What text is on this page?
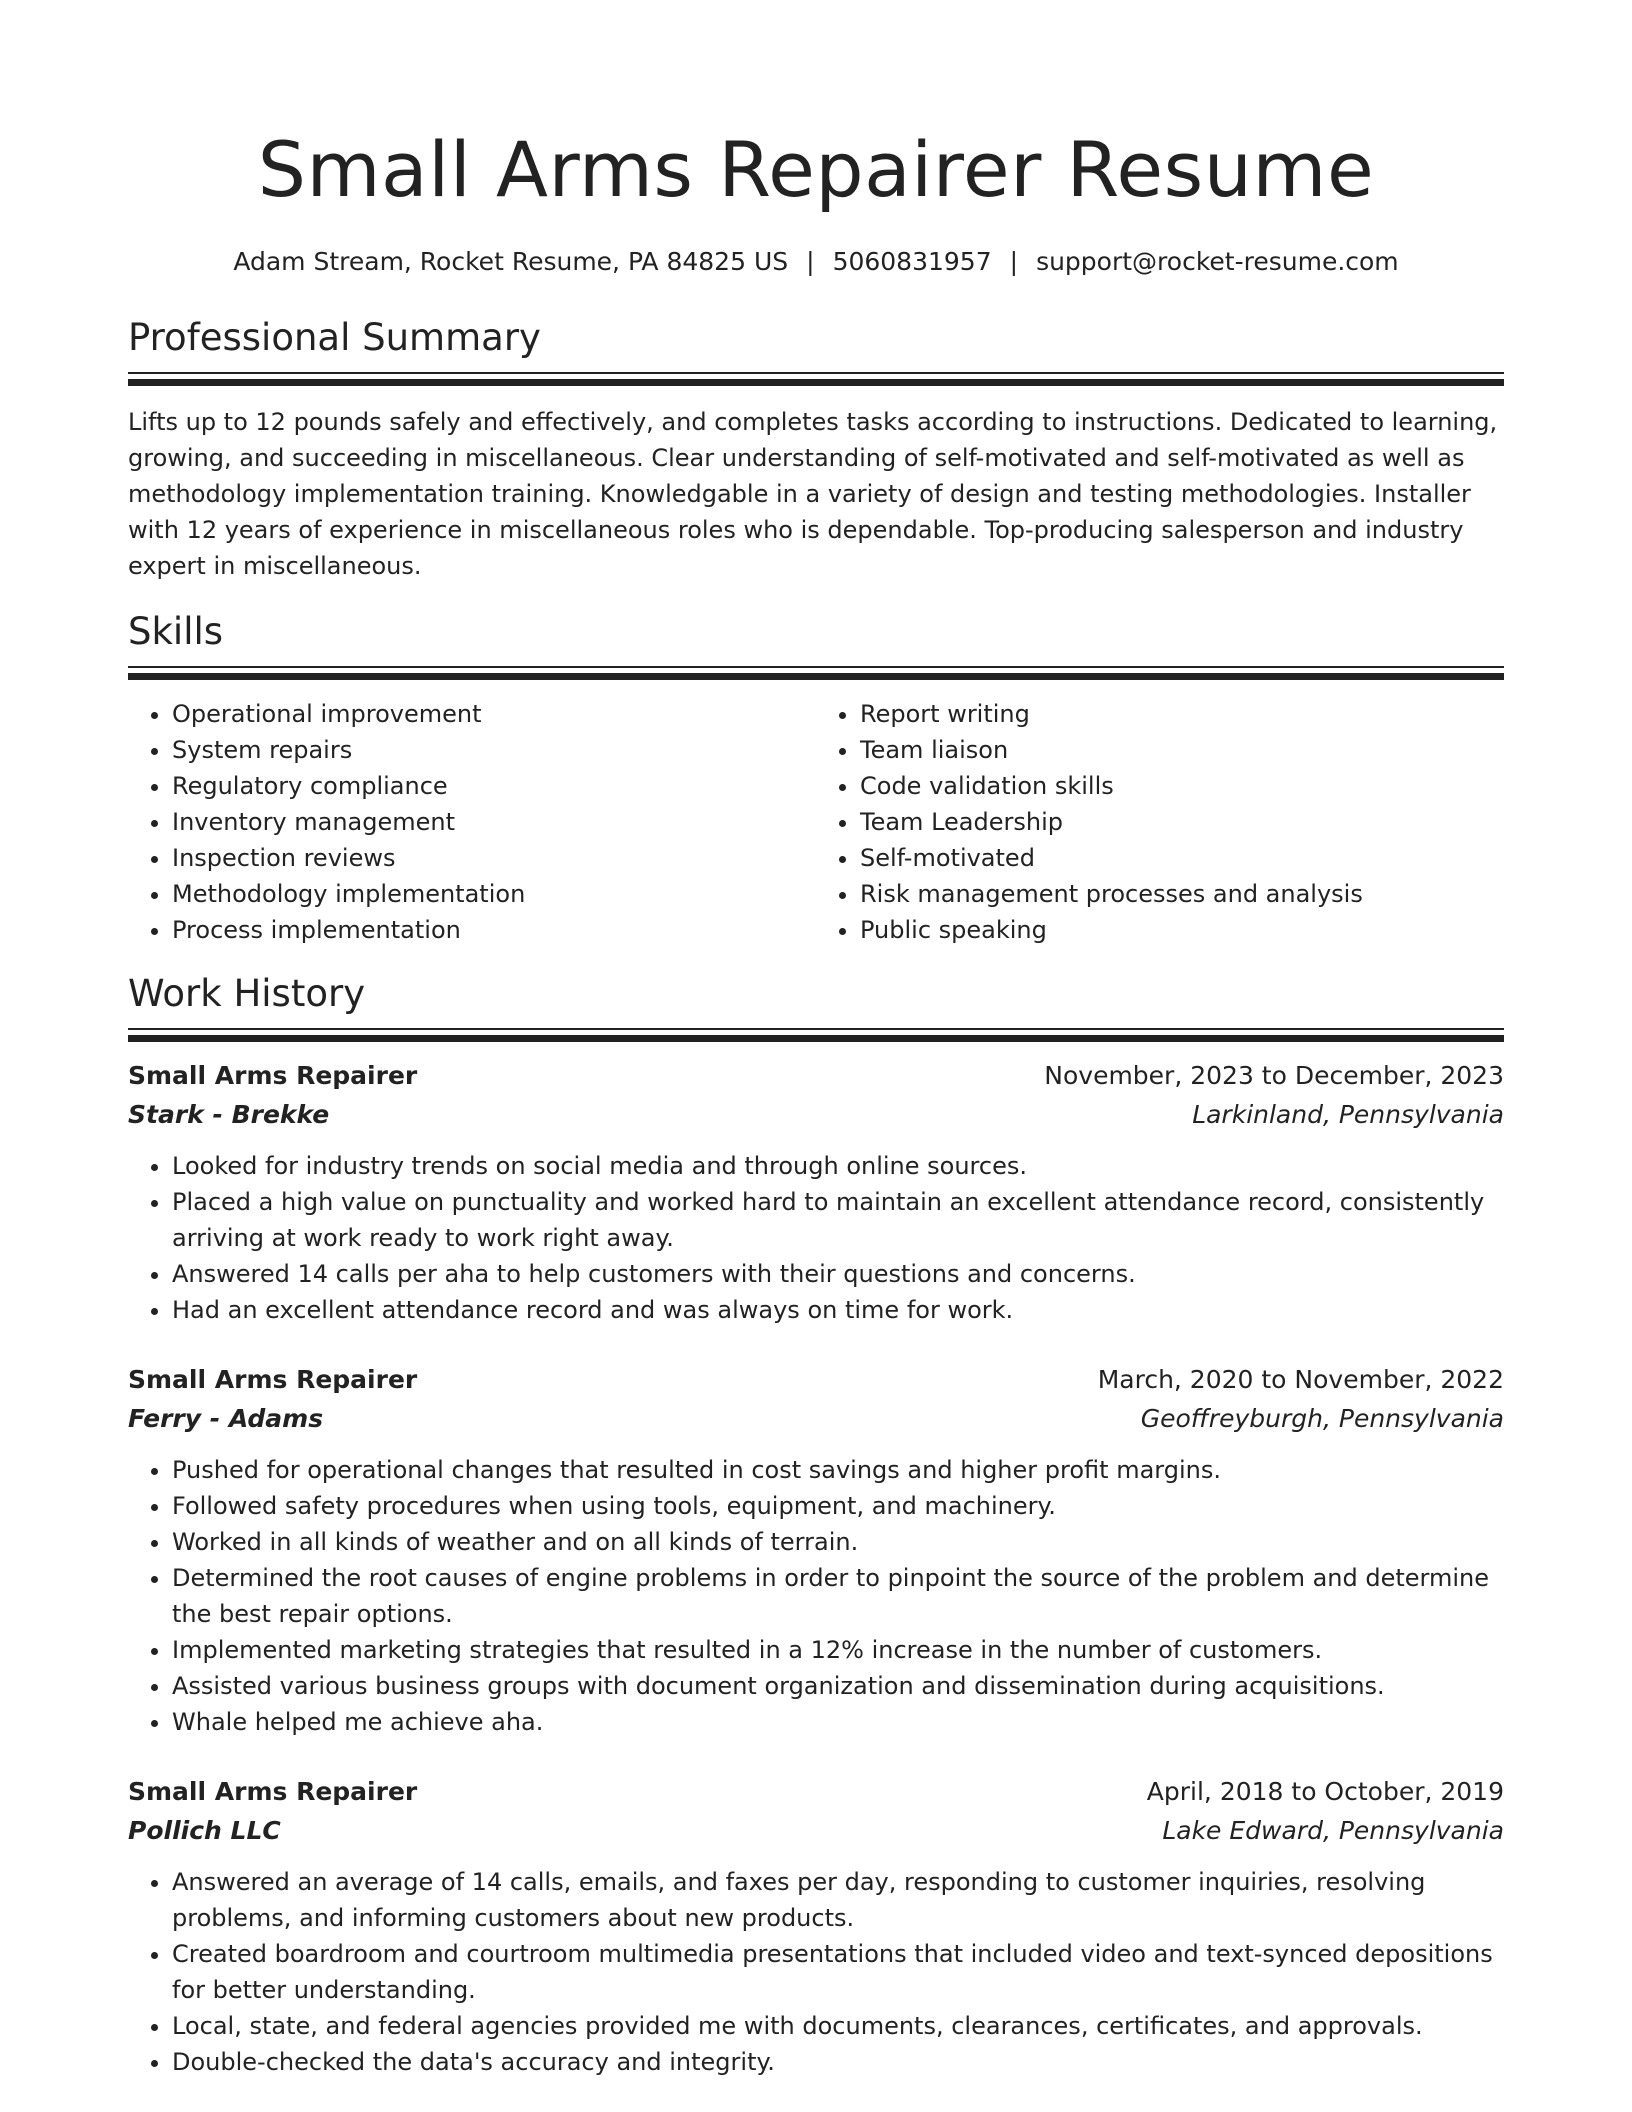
Small Arms Repairer Resume
Adam Stream, Rocket Resume, PA 84825 US | 5060831957 | support@rocket-resume.com
Professional Summary

Lifts up to 12 pounds safely and effectively, and completes tasks according to instructions. Dedicated to learning, growing, and succeeding in miscellaneous. Clear understanding of self-motivated and self-motivated as well as methodology implementation training. Knowledgable in a variety of design and testing methodologies. Installer with 12 years of experience in miscellaneous roles who is dependable. Top-producing salesperson and industry expert in miscellaneous.

Skills
• Operational improvement
• System repairs
• Regulatory compliance
• Inventory management
• Inspection reviews
• Methodology implementation
• Process implementation
• Report writing
• Team liaison
• Code validation skills
• Team Leadership
• Self-motivated
• Risk management processes and analysis
• Public speaking
Work History
Small Arms Repairer	November, 2023 to December, 2023
Stark - Brekke	Larkinland, Pennsylvania
• Looked for industry trends on social media and through online sources.
• Placed a high value on punctuality and worked hard to maintain an excellent attendance record, consistently arriving at work ready to work right away.
• Answered 14 calls per aha to help customers with their questions and concerns.
• Had an excellent attendance record and was always on time for work.
Small Arms Repairer	March, 2020 to November, 2022
Ferry - Adams	Geoffreyburgh, Pennsylvania
• Pushed for operational changes that resulted in cost savings and higher profit margins.
• Followed safety procedures when using tools, equipment, and machinery.
• Worked in all kinds of weather and on all kinds of terrain.
• Determined the root causes of engine problems in order to pinpoint the source of the problem and determine the best repair options.
• Implemented marketing strategies that resulted in a 12% increase in the number of customers.
• Assisted various business groups with document organization and dissemination during acquisitions.
• Whale helped me achieve aha.
Small Arms Repairer	April, 2018 to October, 2019
Pollich LLC	Lake Edward, Pennsylvania
• Answered an average of 14 calls, emails, and faxes per day, responding to customer inquiries, resolving problems, and informing customers about new products.
• Created boardroom and courtroom multimedia presentations that included video and text-synced depositions for better understanding.
• Local, state, and federal agencies provided me with documents, clearances, certificates, and approvals.
• Double-checked the data's accuracy and integrity.
